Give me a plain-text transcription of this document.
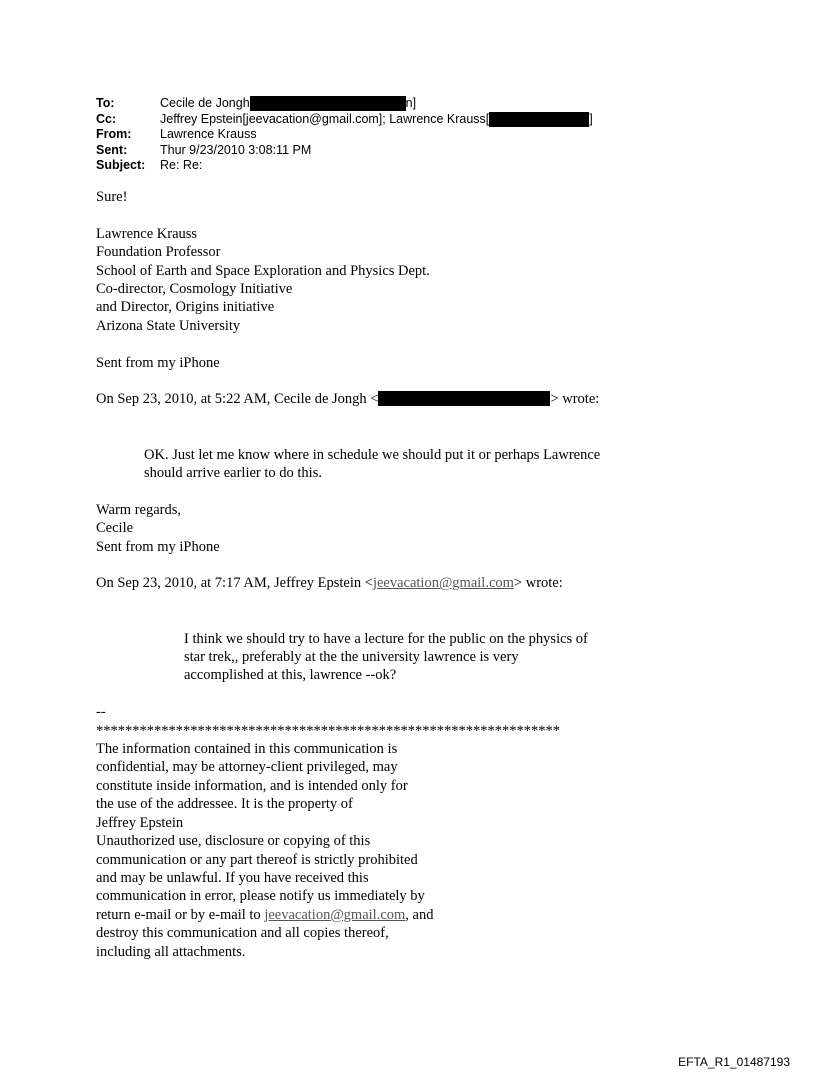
To:	Cecile de Jongh	n]
Cc:	Jeffrey Epstein[jeevacation@gmail.com]; Lawrence Krauss[	]
From:	Lawrence Krauss
Sent:	Thur 9/23/2010 3:08:11 PM
Subject:	Re: Re:

Sure!

Lawrence Krauss

Foundation Professor

School of Earth and Space Exploration and Physics Dept.

Co-director, Cosmology Initiative

and Director, Origins initiative

Arizona State University

Sent from my iPhone

On Sep 23, 2010, at 5:22 AM, Cecile de Jongh <	> wrote:

OK. Just let me know where in schedule we should put it or perhaps Lawrence

should arrive earlier to do this.

Warm regards,

Cecile

Sent from my iPhone

On Sep 23, 2010, at 7:17 AM, Jeffrey Epstein <jeevacation@gmail.com> wrote:

I think we should try to have a lecture for the public on the physics of

star trek,, preferably at the the university lawrence is very

accomplished at this, lawrence --ok?

--

****************************************************************

The information contained in this communication is

confidential, may be attorney-client privileged, may

constitute inside information, and is intended only for

the use of the addressee. It is the property of

Jeffrey Epstein

Unauthorized use, disclosure or copying of this

communication or any part thereof is strictly prohibited

and may be unlawful. If you have received this

communication in error, please notify us immediately by

return e-mail or by e-mail to jeevacation@gmail.com, and

destroy this communication and all copies thereof,

including all attachments.

EFTA_R1_01487193
